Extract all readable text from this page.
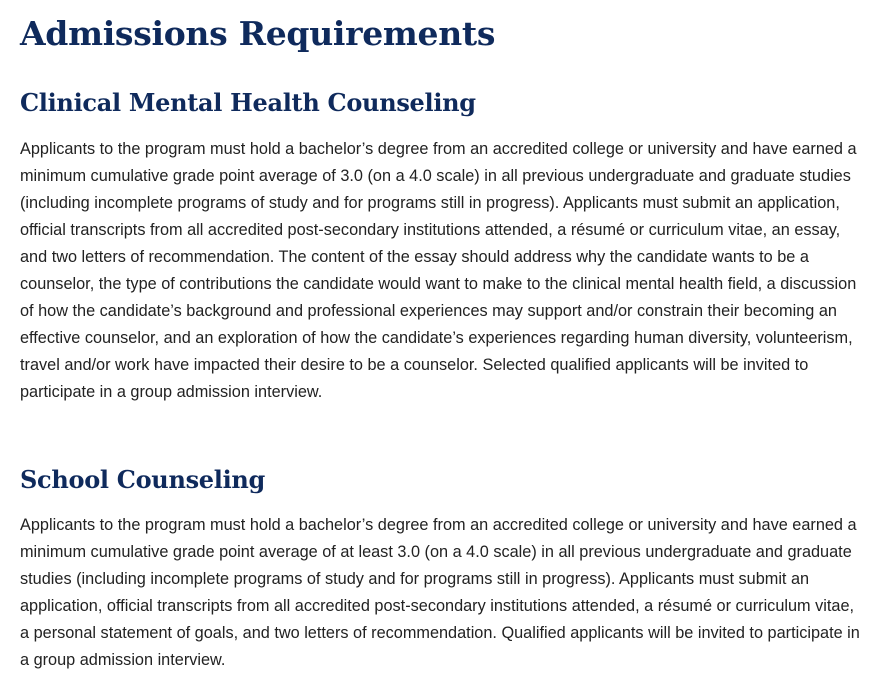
Admissions Requirements
Clinical Mental Health Counseling

Applicants to the program must hold a bachelor’s degree from an accredited college or university and have earned a minimum cumulative grade point average of 3.0 (on a 4.0 scale) in all previous undergraduate and graduate studies (including incomplete programs of study and for programs still in progress). Applicants must submit an application, official transcripts from all accredited post-secondary institutions attended, a résumé or curriculum vitae, an essay, and two letters of recommendation. The content of the essay should address why the candidate wants to be a counselor, the type of contributions the candidate would want to make to the clinical mental health field, a discussion of how the candidate’s background and professional experiences may support and/or constrain their becoming an effective counselor, and an exploration of how the candidate’s experiences regarding human diversity, volunteerism, travel and/or work have impacted their desire to be a counselor. Selected qualified applicants will be invited to participate in a group admission interview.

School Counseling

Applicants to the program must hold a bachelor’s degree from an accredited college or university and have earned a minimum cumulative grade point average of at least 3.0 (on a 4.0 scale) in all previous undergraduate and graduate studies (including incomplete programs of study and for programs still in progress). Applicants must submit an application, official transcripts from all accredited post-secondary institutions attended, a résumé or curriculum vitae, a personal statement of goals, and two letters of recommendation. Qualified applicants will be invited to participate in a group admission interview.
